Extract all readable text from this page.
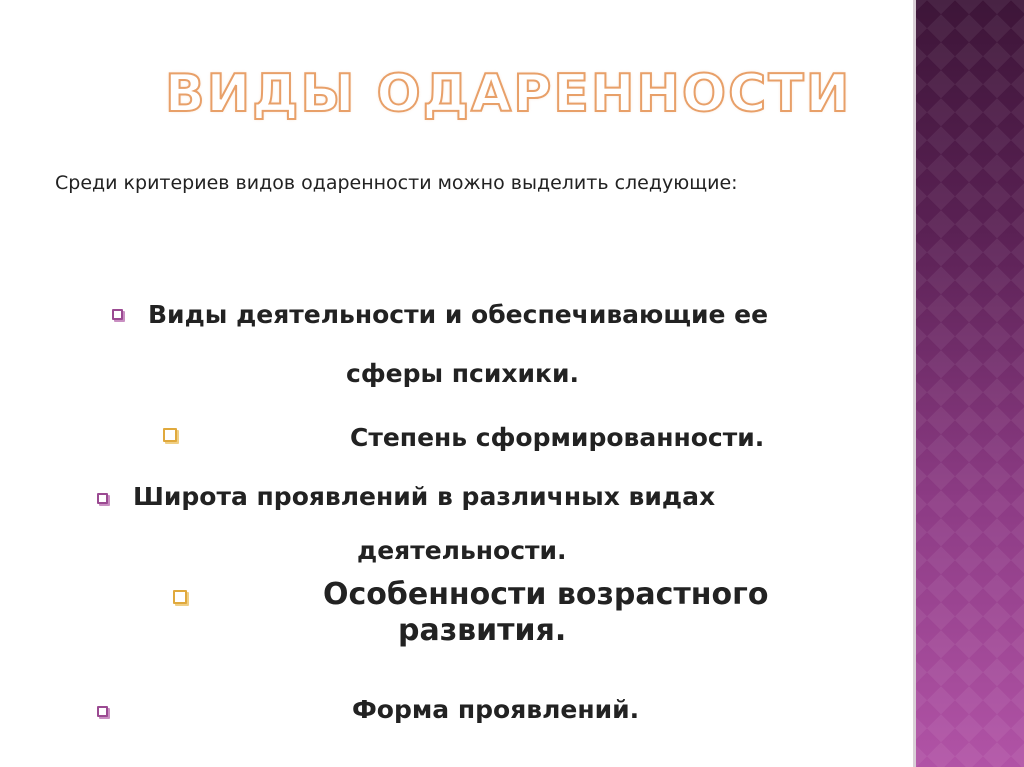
ВИДЫ ОДАРЕННОСТИ
Среди критериев видов одаренности можно выделить следующие:
Виды деятельности и обеспечивающие ее
сферы психики.
Степень сформированности.
Широта проявлений в различных видах
деятельности.
Особенности возрастного
развития.
Форма проявлений.
